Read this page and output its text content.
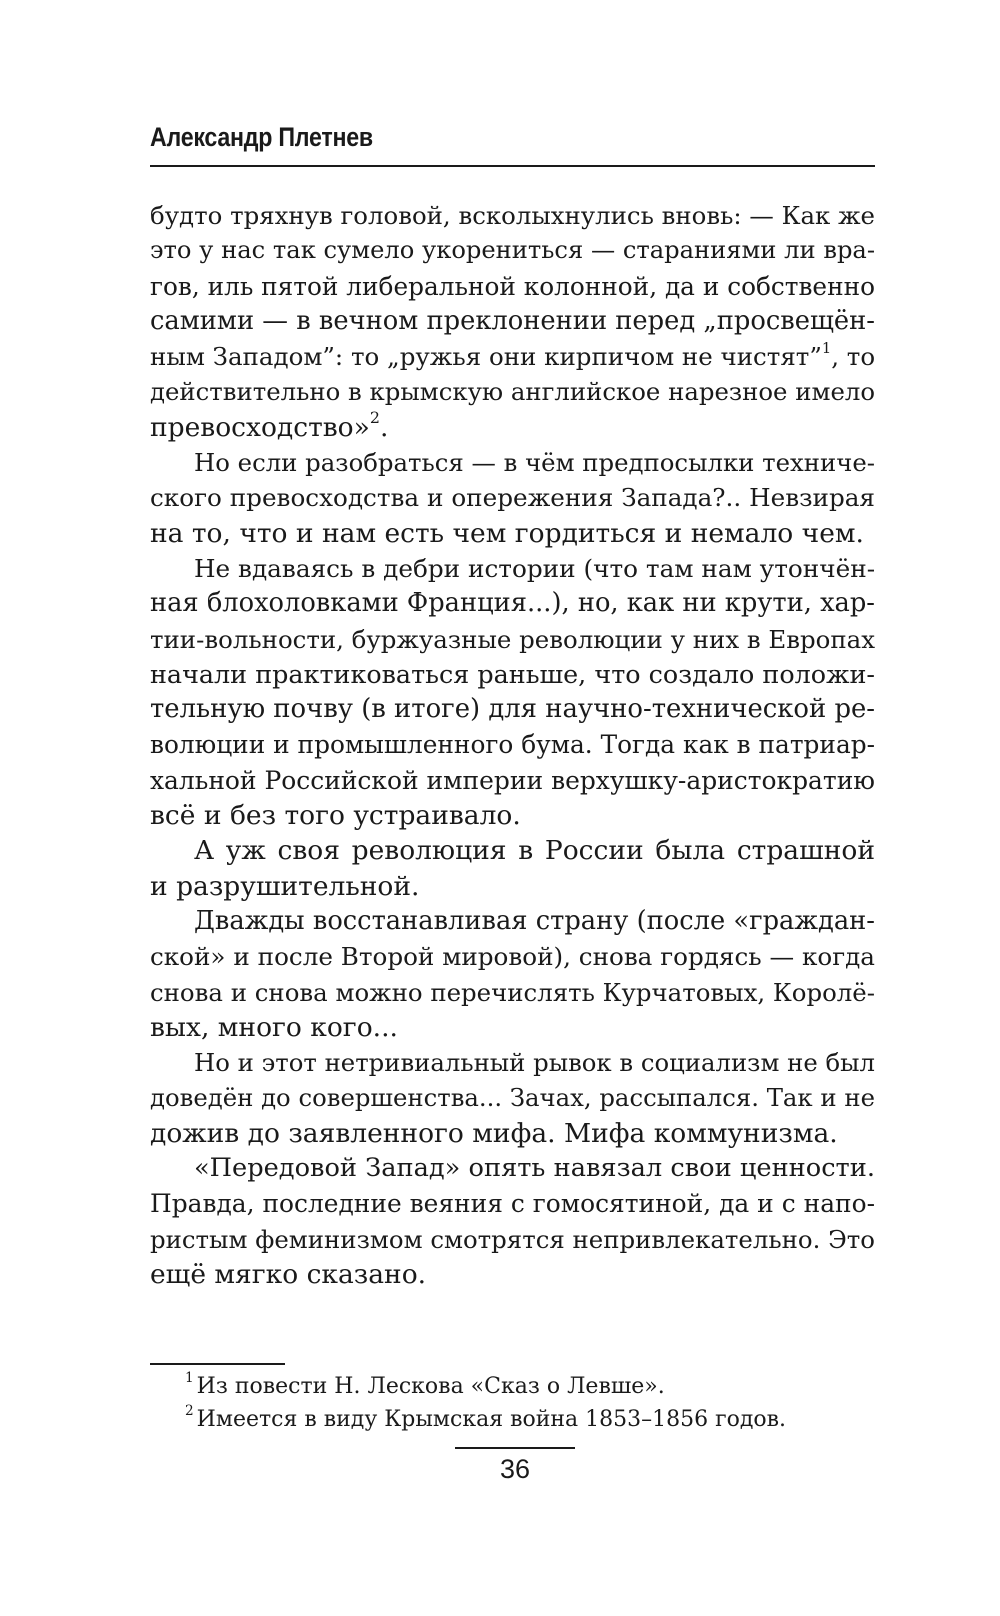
Александр Плетнев
будто тряхнув головой, всколыхнулись вновь: — Как же
это у нас так сумело укорениться — стараниями ли вра-
гов, иль пятой либеральной колонной, да и собственно
самими — в вечном преклонении перед „просвещён-
ным Западом”: то „ружья они кирпичом не чистят”$^1$, то
действительно в крымскую английское нарезное имело
превосходство»$^2$.
Но если разобраться — в чём предпосылки техниче-
ского превосходства и опережения Запада?.. Невзирая
на то, что и нам есть чем гордиться и немало чем.
Не вдаваясь в дебри истории (что там нам утончён-
ная блохоловками Франция...), но, как ни крути, хар-
тии-вольности, буржуазные революции у них в Европах
начали практиковаться раньше, что создало положи-
тельную почву (в итоге) для научно-технической ре-
волюции и промышленного бума. Тогда как в патриар-
хальной Российской империи верхушку-аристократию
всё и без того устраивало.
А уж своя революция в России была страшной
и разрушительной.
Дважды восстанавливая страну (после «граждан-
ской» и после Второй мировой), снова гордясь — когда
снова и снова можно перечислять Курчатовых, Королё-
вых, много кого...
Но и этот нетривиальный рывок в социализм не был
доведён до совершенства... Зачах, рассыпался. Так и не
дожив до заявленного мифа. Мифа коммунизма.
«Передовой Запад» опять навязал свои ценности.
Правда, последние веяния с гомосятиной, да и с напо-
ристым феминизмом смотрятся непривлекательно. Это
ещё мягко сказано.
$^1$ Из повести Н. Лескова «Сказ о Левше».
$^2$ Имеется в виду Крымская война 1853–1856 годов.
36
